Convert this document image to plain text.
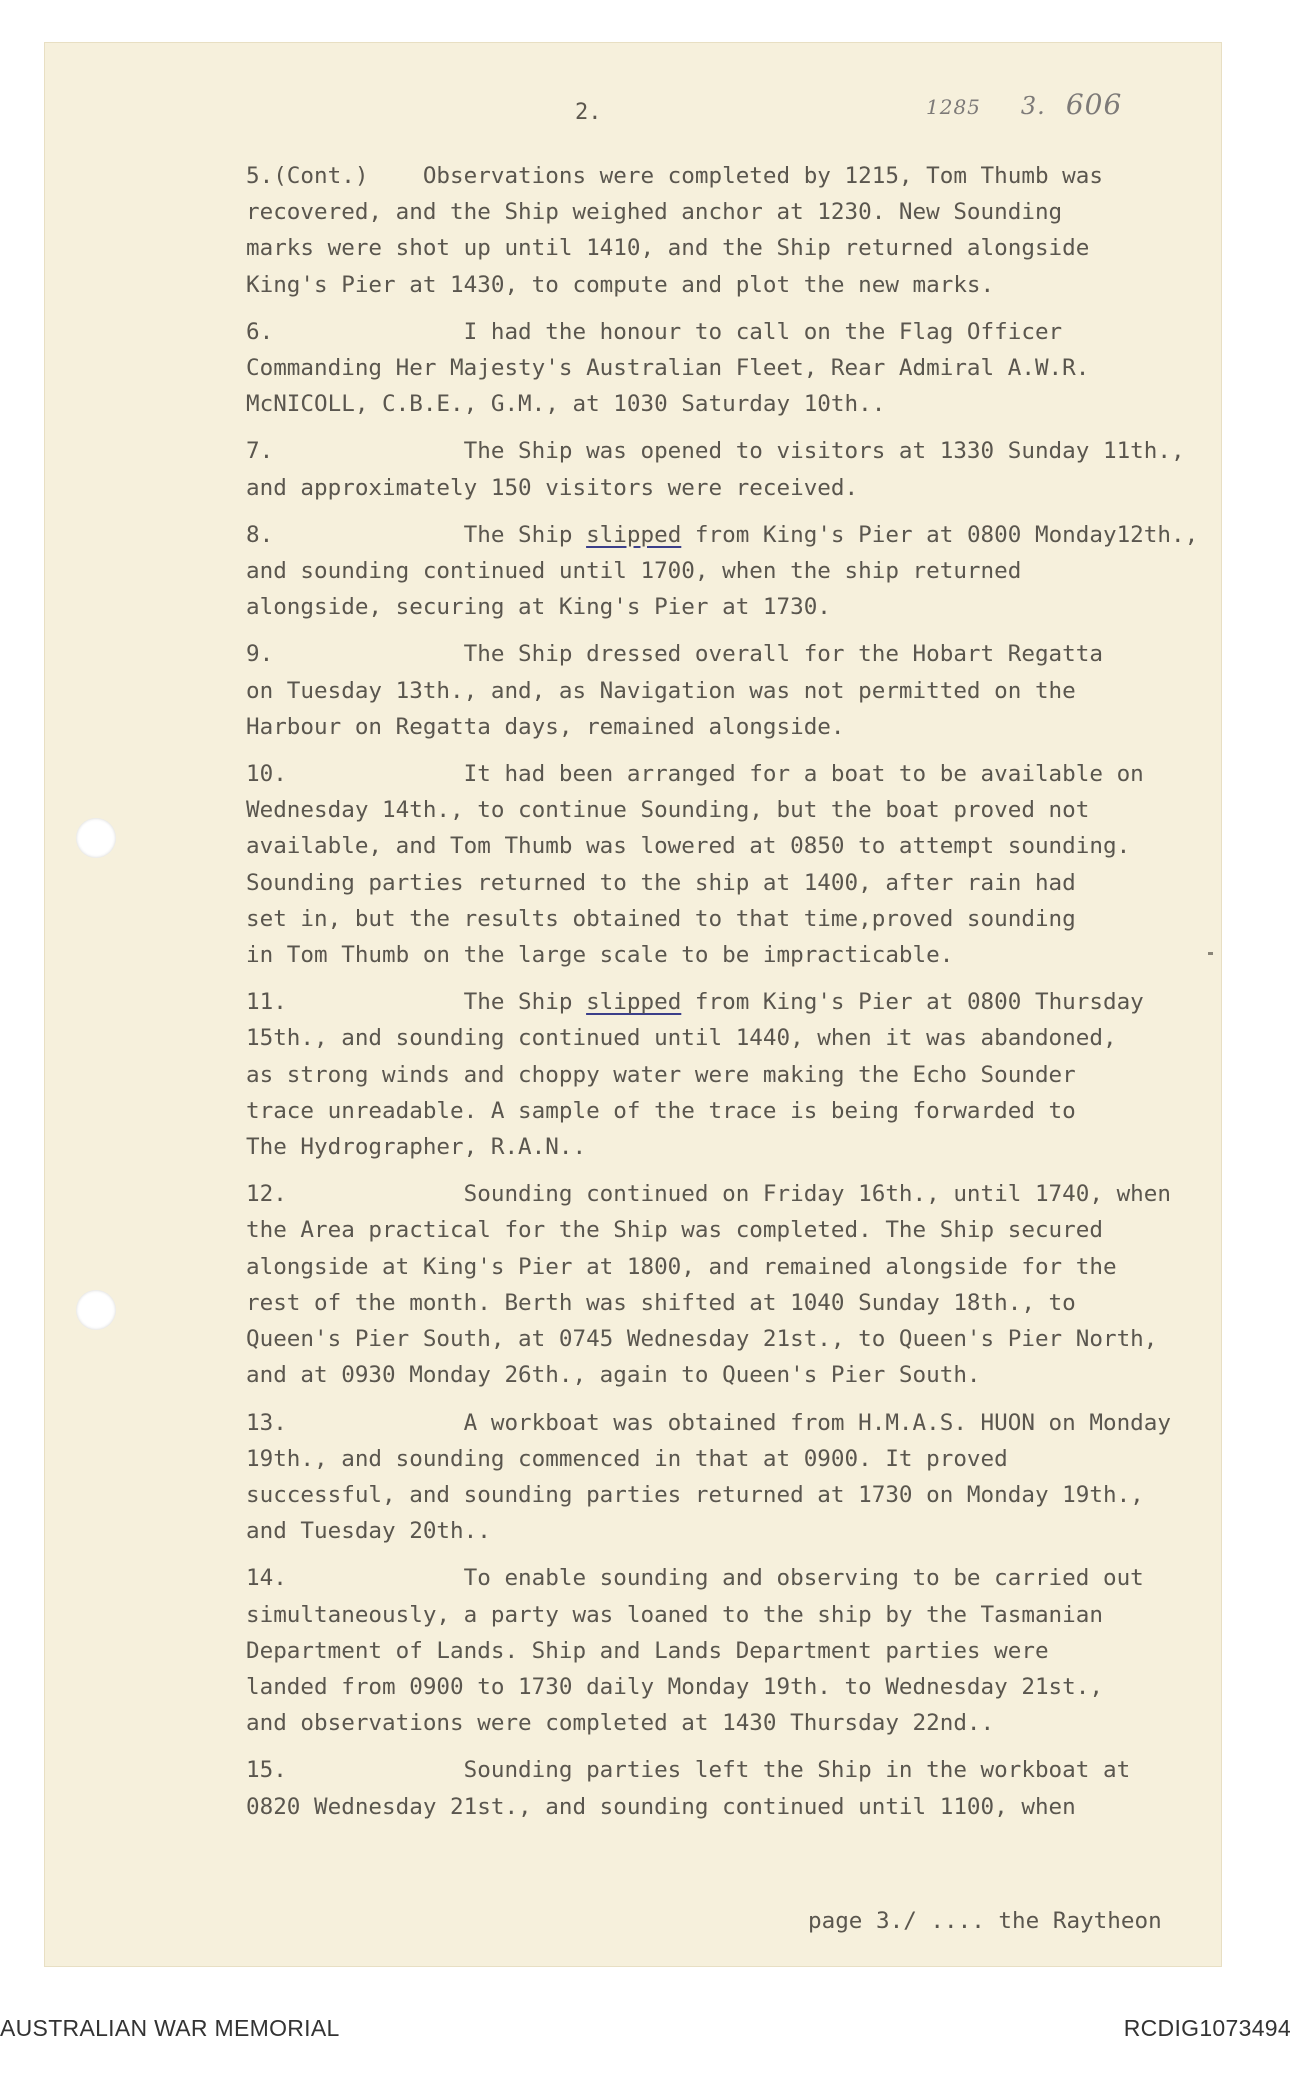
2.	1285 3. 606
5.(Cont.)    Observations were completed by 1215, Tom Thumb was
recovered, and the Ship weighed anchor at 1230. New Sounding
marks were shot up until 1410, and the Ship returned alongside
King's Pier at 1430, to compute and plot the new marks.
6.              I had the honour to call on the Flag Officer
Commanding Her Majesty's Australian Fleet, Rear Admiral A.W.R.
McNICOLL, C.B.E., G.M., at 1030 Saturday 10th..
7.              The Ship was opened to visitors at 1330 Sunday 11th.,
and approximately 150 visitors were received.
8.              The Ship slipped from King's Pier at 0800 Monday12th.,
and sounding continued until 1700, when the ship returned
alongside, securing at King's Pier at 1730.
9.              The Ship dressed overall for the Hobart Regatta
on Tuesday 13th., and, as Navigation was not permitted on the
Harbour on Regatta days, remained alongside.
10.             It had been arranged for a boat to be available on
Wednesday 14th., to continue Sounding, but the boat proved not
available, and Tom Thumb was lowered at 0850 to attempt sounding.
Sounding parties returned to the ship at 1400, after rain had
set in, but the results obtained to that time,proved sounding
in Tom Thumb on the large scale to be impracticable.
11.             The Ship slipped from King's Pier at 0800 Thursday
15th., and sounding continued until 1440, when it was abandoned,
as strong winds and choppy water were making the Echo Sounder
trace unreadable. A sample of the trace is being forwarded to
The Hydrographer, R.A.N..
12.             Sounding continued on Friday 16th., until 1740, when
the Area practical for the Ship was completed. The Ship secured
alongside at King's Pier at 1800, and remained alongside for the
rest of the month. Berth was shifted at 1040 Sunday 18th., to
Queen's Pier South, at 0745 Wednesday 21st., to Queen's Pier North,
and at 0930 Monday 26th., again to Queen's Pier South.
13.             A workboat was obtained from H.M.A.S. HUON on Monday
19th., and sounding commenced in that at 0900. It proved
successful, and sounding parties returned at 1730 on Monday 19th.,
and Tuesday 20th..
14.             To enable sounding and observing to be carried out
simultaneously, a party was loaned to the ship by the Tasmanian
Department of Lands. Ship and Lands Department parties were
landed from 0900 to 1730 daily Monday 19th. to Wednesday 21st.,
and observations were completed at 1430 Thursday 22nd..
15.             Sounding parties left the Ship in the workboat at
0820 Wednesday 21st., and sounding continued until 1100, when
page 3./ .... the Raytheon
AUSTRALIAN WAR MEMORIAL	RCDIG1073494
